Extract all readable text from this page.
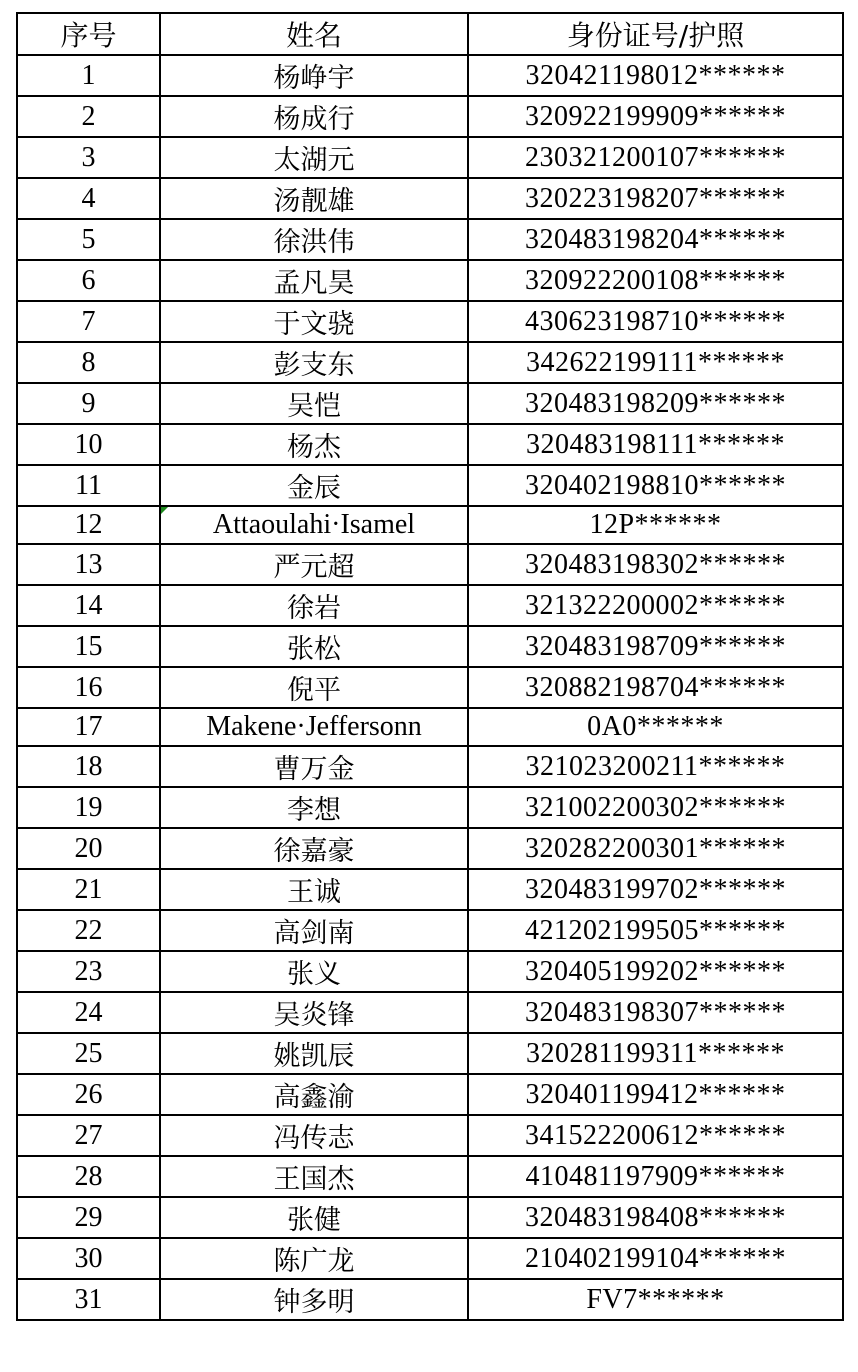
序号	姓名	身份证号/护照
1	杨峥宇	320421198012******
2	杨成行	320922199909******
3	太湖元	230321200107******
4	汤靓雄	320223198207******
5	徐洪伟	320483198204******
6	孟凡昊	320922200108******
7	于文骁	430623198710******
8	彭支东	342622199111******
9	吴恺	320483198209******
10	杨杰	320483198111******
11	金辰	320402198810******
12	Attaoulahi·Isamel	12P******
13	严元超	320483198302******
14	徐岩	321322200002******
15	张松	320483198709******
16	倪平	320882198704******
17	Makene·Jeffersonn	0A0******
18	曹万金	321023200211******
19	李想	321002200302******
20	徐嘉豪	320282200301******
21	王诚	320483199702******
22	高剑南	421202199505******
23	张义	320405199202******
24	吴炎锋	320483198307******
25	姚凯辰	320281199311******
26	高鑫渝	320401199412******
27	冯传志	341522200612******
28	王国杰	410481197909******
29	张健	320483198408******
30	陈广龙	210402199104******
31	钟多明	FV7******
